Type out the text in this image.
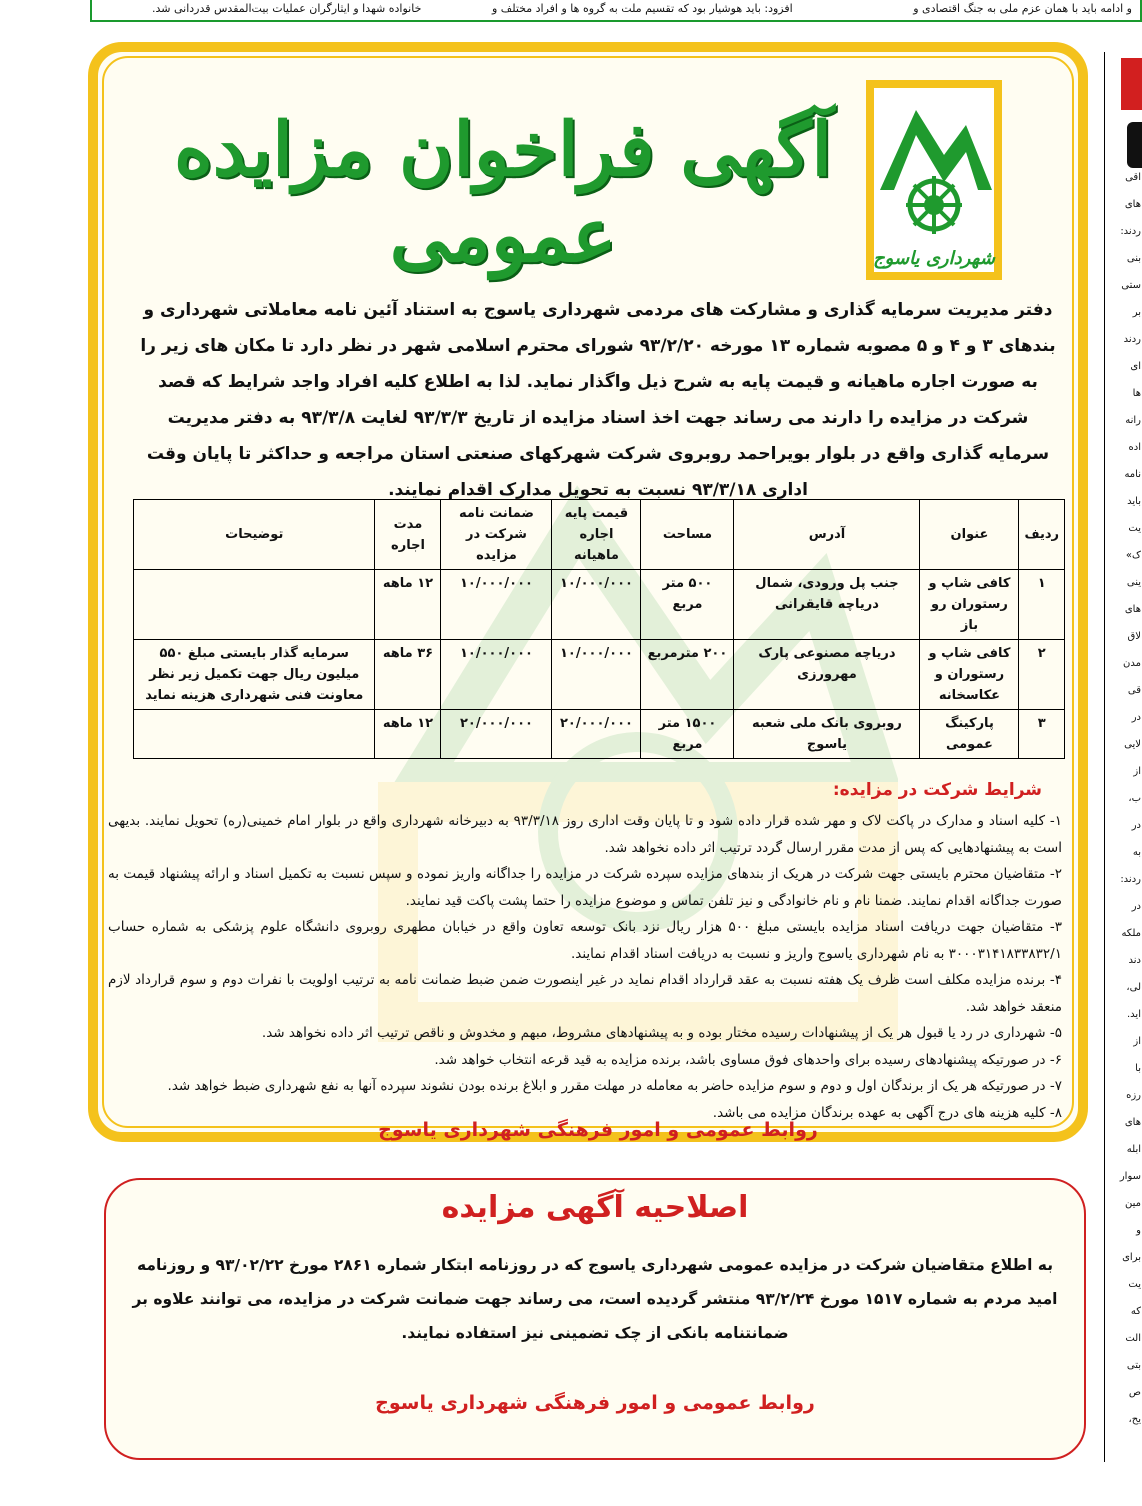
و ادامه باید با همان عزم ملی به جنگ اقتصادی و
افزود: باید هوشیار بود که تقسیم ملت به گروه ها و افراد مختلف و
خانواده شهدا و ایثارگران عملیات بیت‌المقدس قدردانی شد.
شهرداری یاسوج
آگهی فراخوان مزایده عمومی
دفتر مدیریت سرمایه گذاری و مشارکت های مردمی شهرداری یاسوج به استناد آئین نامه معاملاتی شهرداری و بندهای ۳ و ۴ و ۵ مصوبه شماره ۱۳ مورخه ۹۳/۲/۲۰ شورای محترم اسلامی شهر در نظر دارد تا مکان های زیر را به صورت اجاره ماهیانه و قیمت پایه به شرح ذیل واگذار نماید. لذا به اطلاع کلیه افراد واجد شرایط که قصد شرکت در مزایده را دارند می رساند جهت اخذ اسناد مزایده از تاریخ ۹۳/۳/۳ لغایت ۹۳/۳/۸ به دفتر مدیریت سرمایه گذاری واقع در بلوار بویراحمد روبروی شرکت شهرکهای صنعتی استان مراجعه و حداکثر تا پایان وقت اداری ۹۳/۳/۱۸ نسبت به تحویل مدارک اقدام نمایند.
ردیف	عنوان	آدرس	مساحت	قیمت پایه اجاره ماهیانه	ضمانت نامه شرکت در مزایده	مدت اجاره	توضیحات
۱	کافی شاپ و رستوران رو باز	جنب پل ورودی، شمال دریاچه قایقرانی	۵۰۰ متر مربع	۱۰/۰۰۰/۰۰۰	۱۰/۰۰۰/۰۰۰	۱۲ ماهه	
۲	کافی شاپ و رستوران و عکاسخانه	دریاچه مصنوعی پارک مهرورزی	۲۰۰ مترمربع	۱۰/۰۰۰/۰۰۰	۱۰/۰۰۰/۰۰۰	۳۶ ماهه	سرمایه گذار بایستی مبلغ ۵۵۰ میلیون ریال جهت تکمیل زیر نظر معاونت فنی شهرداری هزینه نماید
۳	پارکینگ عمومی	روبروی بانک ملی شعبه یاسوج	۱۵۰۰ متر مربع	۲۰/۰۰۰/۰۰۰	۲۰/۰۰۰/۰۰۰	۱۲ ماهه	
شرایط شرکت در مزایده:

۱- کلیه اسناد و مدارک در پاکت لاک و مهر شده قرار داده شود و تا پایان وقت اداری روز ۹۳/۳/۱۸ به دبیرخانه شهرداری واقع در بلوار امام خمینی(ره) تحویل نمایند. بدیهی است به پیشنهادهایی که پس از مدت مقرر ارسال گردد ترتیب اثر داده نخواهد شد.

۲- متقاضیان محترم بایستی جهت شرکت در هریک از بندهای مزایده سپرده شرکت در مزایده را جداگانه واریز نموده و سپس نسبت به تکمیل اسناد و ارائه پیشنهاد قیمت به صورت جداگانه اقدام نمایند. ضمنا نام و نام خانوادگی و نیز تلفن تماس و موضوع مزایده را حتما پشت پاکت قید نمایند.

۳- متقاضیان جهت دریافت اسناد مزایده بایستی مبلغ ۵۰۰ هزار ریال نزد بانک توسعه تعاون واقع در خیابان مطهری روبروی دانشگاه علوم پزشکی به شماره حساب ۳۰۰۰۳۱۴۱۸۳۳۸۳۲/۱ به نام شهرداری یاسوج واریز و نسبت به دریافت اسناد اقدام نمایند.

۴- برنده مزایده مکلف است ظرف یک هفته نسبت به عقد قرارداد اقدام نماید در غیر اینصورت ضمن ضبط ضمانت نامه به ترتیب اولویت با نفرات دوم و سوم قرارداد لازم منعقد خواهد شد.

۵- شهرداری در رد یا قبول هر یک از پیشنهادات رسیده مختار بوده و به پیشنهادهای مشروط، مبهم و مخدوش و ناقص ترتیب اثر داده نخواهد شد.

۶- در صورتیکه پیشنهادهای رسیده برای واحدهای فوق مساوی باشد، برنده مزایده به قید قرعه انتخاب خواهد شد.

۷- در صورتیکه هر یک از برندگان اول و دوم و سوم مزایده حاضر به معامله در مهلت مقرر و ابلاغ برنده بودن نشوند سپرده آنها به نفع شهرداری ضبط خواهد شد.

۸- کلیه هزینه های درج آگهی به عهده برندگان مزایده می باشد.

روابط عمومی و امور فرهنگی شهرداری یاسوج
اصلاحیه آگهی مزایده
به اطلاع متقاضیان شرکت در مزایده عمومی شهرداری یاسوج که در روزنامه ابتکار شماره ۲۸۶۱ مورخ ۹۳/۰۲/۲۲ و روزنامه امید مردم به شماره ۱۵۱۷ مورخ ۹۳/۲/۲۴ منتشر گردیده است، می رساند جهت ضمانت شرکت در مزایده، می توانند علاوه بر ضمانتنامه بانکی از چک تضمینی نیز استفاده نمایند.
روابط عمومی و امور فرهنگی شهرداری یاسوج
اقی
های
ردند:
بنی
ستی
بر
ردند
ای
ها
رانه
اده
نامه
باید
یت
ک»
ینی
های
لاق
مدن
قی
در
لایی
از
ب،
در
به
ردند:
در
ملکه
دند
لی،
اید.
از
با
رزه
های
ابله
سوار
مین
و
برای
یت
که
الت
بتی
ص
یح،
